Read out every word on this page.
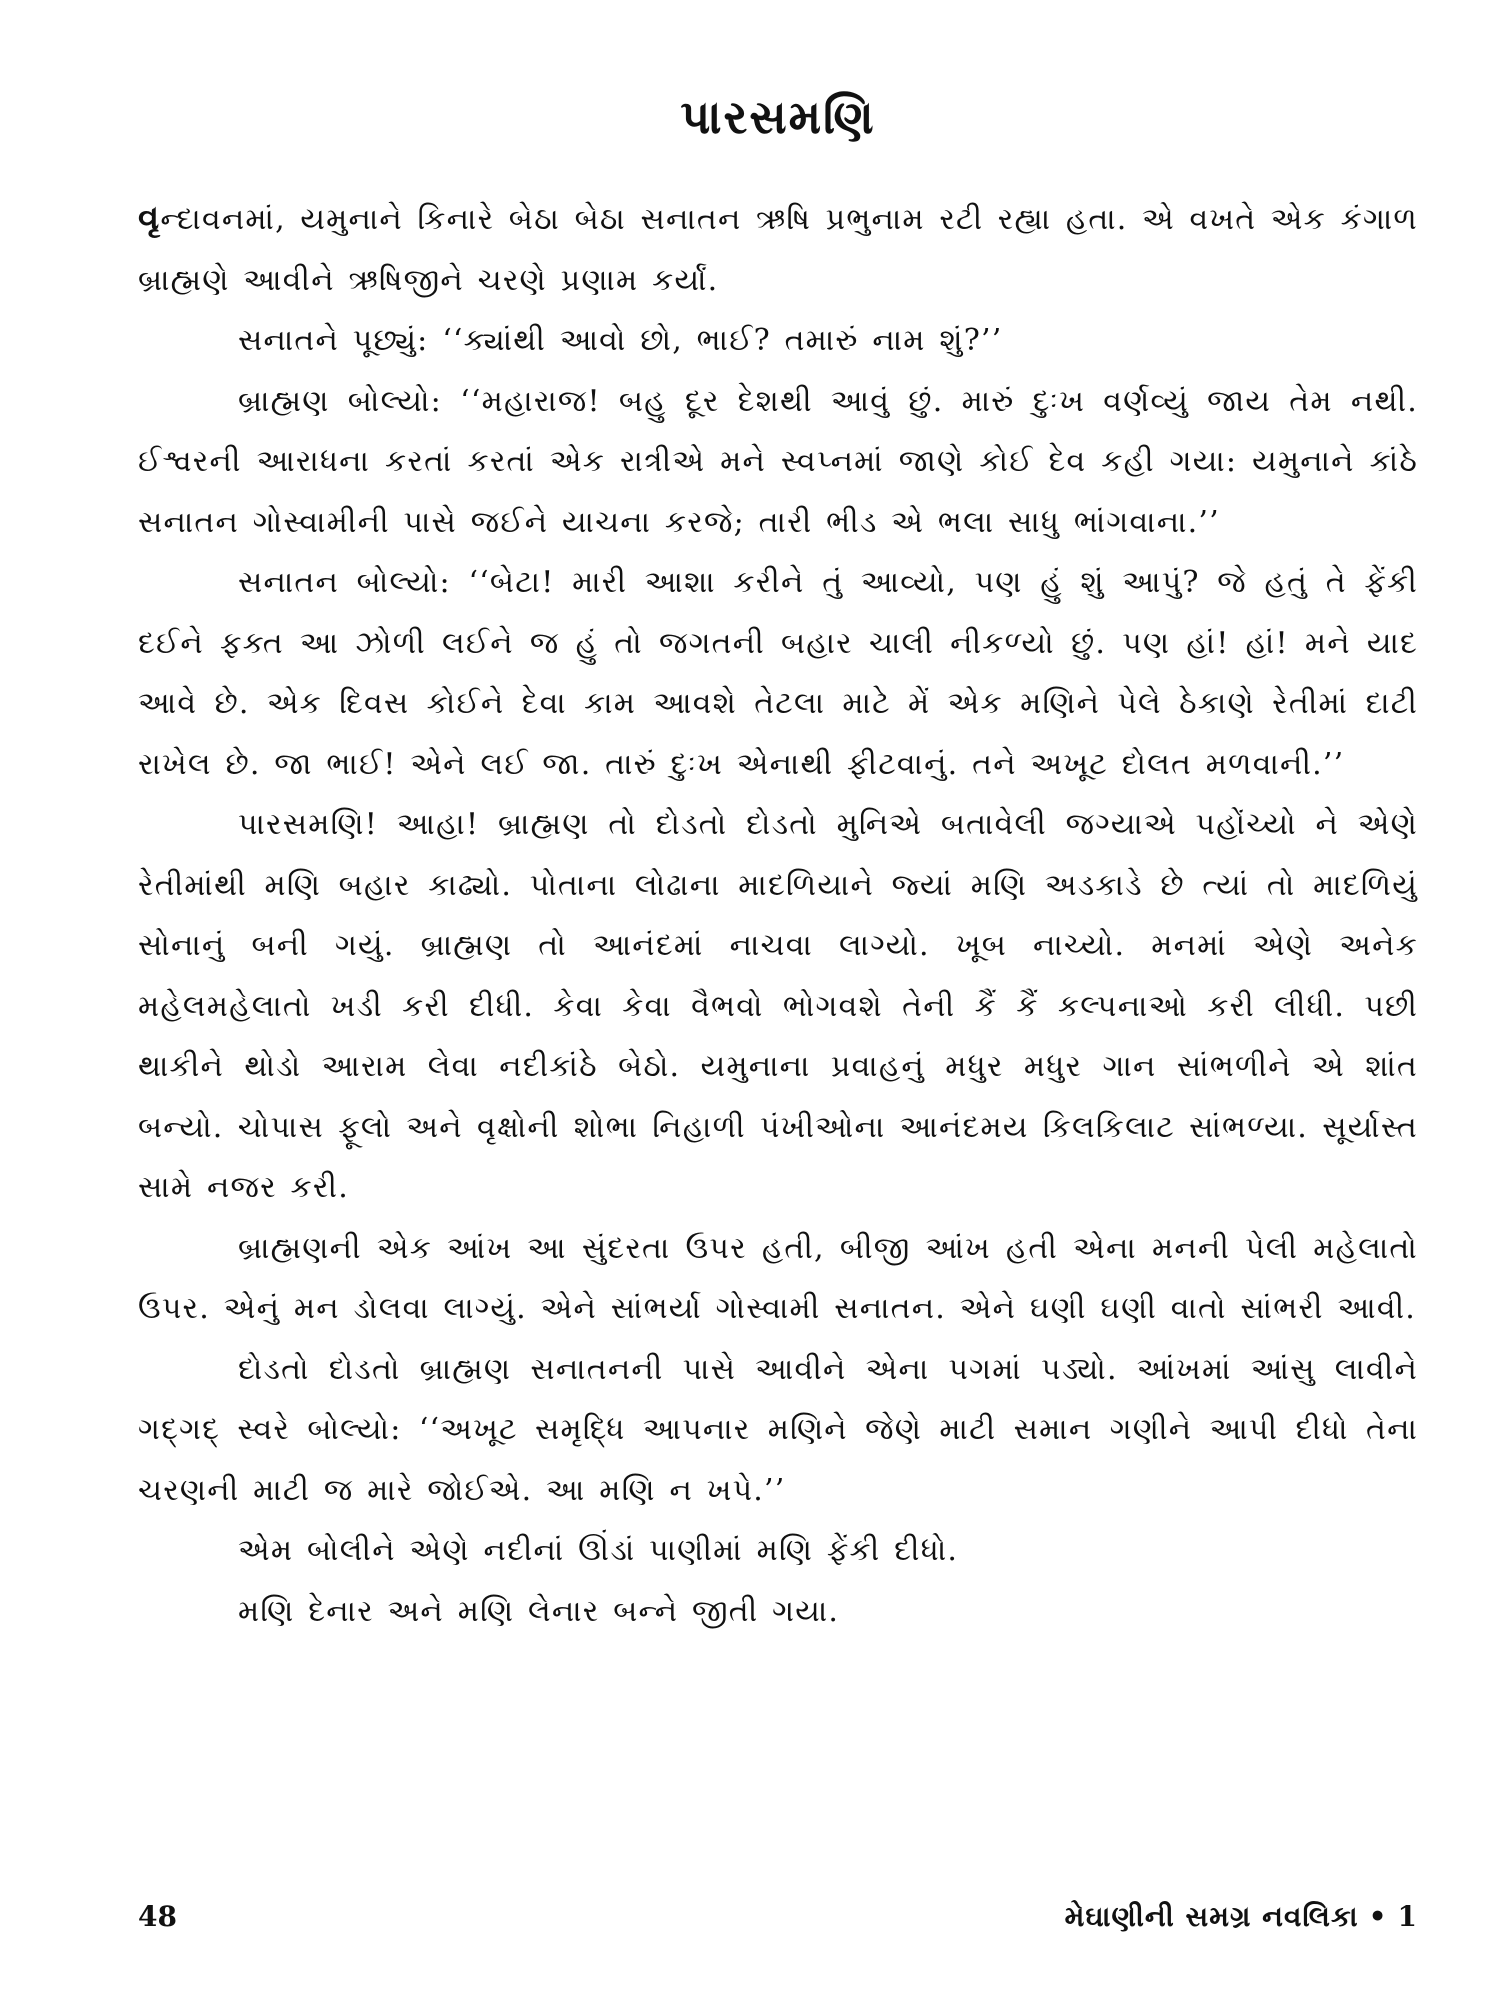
પારસમણિ

વૃન્દાવનમાં, યમુનાને કિનારે બેઠા બેઠા સનાતન ઋષિ પ્રભુનામ રટી રહ્યા હતા. એ વખતે એક કંગાળ બ્રાહ્મણે આવીને ઋષિજીને ચરણે પ્રણામ કર્યાં.

સનાતને પૂછ્યું: ‘‘ક્યાંથી આવો છો, ભાઈ? તમારું નામ શું?’’

બ્રાહ્મણ બોલ્યો: ‘‘મહારાજ! બહુ દૂર દેશથી આવું છું. મારું દુઃખ વર્ણવ્યું જાય તેમ નથી. ઈશ્વરની આરાધના કરતાં કરતાં એક રાત્રીએ મને સ્વપ્નમાં જાણે કોઈ દેવ કહી ગયા: યમુનાને કાંઠે સનાતન ગોસ્વામીની પાસે જઈને યાચના કરજે; તારી ભીડ એ ભલા સાધુ ભાંગવાના.’’

સનાતન બોલ્યો: ‘‘બેટા! મારી આશા કરીને તું આવ્યો, પણ હું શું આપું? જે હતું તે ફેંકી દઈને ફક્ત આ ઝોળી લઈને જ હું તો જગતની બહાર ચાલી નીકળ્યો છું. પણ હાં! હાં! મને યાદ આવે છે. એક દિવસ કોઈને દેવા કામ આવશે તેટલા માટે મેં એક મણિને પેલે ઠેકાણે રેતીમાં દાટી રાખેલ છે. જા ભાઈ! એને લઈ જા. તારું દુઃખ એનાથી ફીટવાનું. તને અખૂટ દોલત મળવાની.’’

પારસમણિ! આહા! બ્રાહ્મણ તો દોડતો દોડતો મુનિએ બતાવેલી જગ્યાએ પહોંચ્યો ને એણે રેતીમાંથી મણિ બહાર કાઢ્યો. પોતાના લોઢાના માદળિયાને જ્યાં મણિ અડકાડે છે ત્યાં તો માદળિયું સોનાનું બની ગયું. બ્રાહ્મણ તો આનંદમાં નાચવા લાગ્યો. ખૂબ નાચ્યો. મનમાં એણે અનેક મહેલમહેલાતો ખડી કરી દીધી. કેવા કેવા વૈભવો ભોગવશે તેની કૈં કૈં કલ્પનાઓ કરી લીધી. પછી થાકીને થોડો આરામ લેવા નદીકાંઠે બેઠો. યમુનાના પ્રવાહનું મધુર મધુર ગાન સાંભળીને એ શાંત બન્યો. ચોપાસ ફૂલો અને વૃક્ષોની શોભા નિહાળી પંખીઓના આનંદમય કિલકિલાટ સાંભળ્યા. સૂર્યાસ્ત સામે નજર કરી.

બ્રાહ્મણની એક આંખ આ સુંદરતા ઉપર હતી, બીજી આંખ હતી એના મનની પેલી મહેલાતો ઉપર. એનું મન ડોલવા લાગ્યું. એને સાંભર્યા ગોસ્વામી સનાતન. એને ઘણી ઘણી વાતો સાંભરી આવી.

દોડતો દોડતો બ્રાહ્મણ સનાતનની પાસે આવીને એના પગમાં પડ્યો. આંખમાં આંસુ લાવીને ગદ્‌ગદ્ સ્વરે બોલ્યો: ‘‘અખૂટ સમૃદ્ધિ આપનાર મણિને જેણે માટી સમાન ગણીને આપી દીધો તેના ચરણની માટી જ મારે જોઈએ. આ મણિ ન ખપે.’’

એમ બોલીને એણે નદીનાં ઊંડાં પાણીમાં મણિ ફેંકી દીધો.

મણિ દેનાર અને મણિ લેનાર બન્ને જીતી ગયા.

48	મેઘાણીની સમગ્ર નવલિકા • 1
